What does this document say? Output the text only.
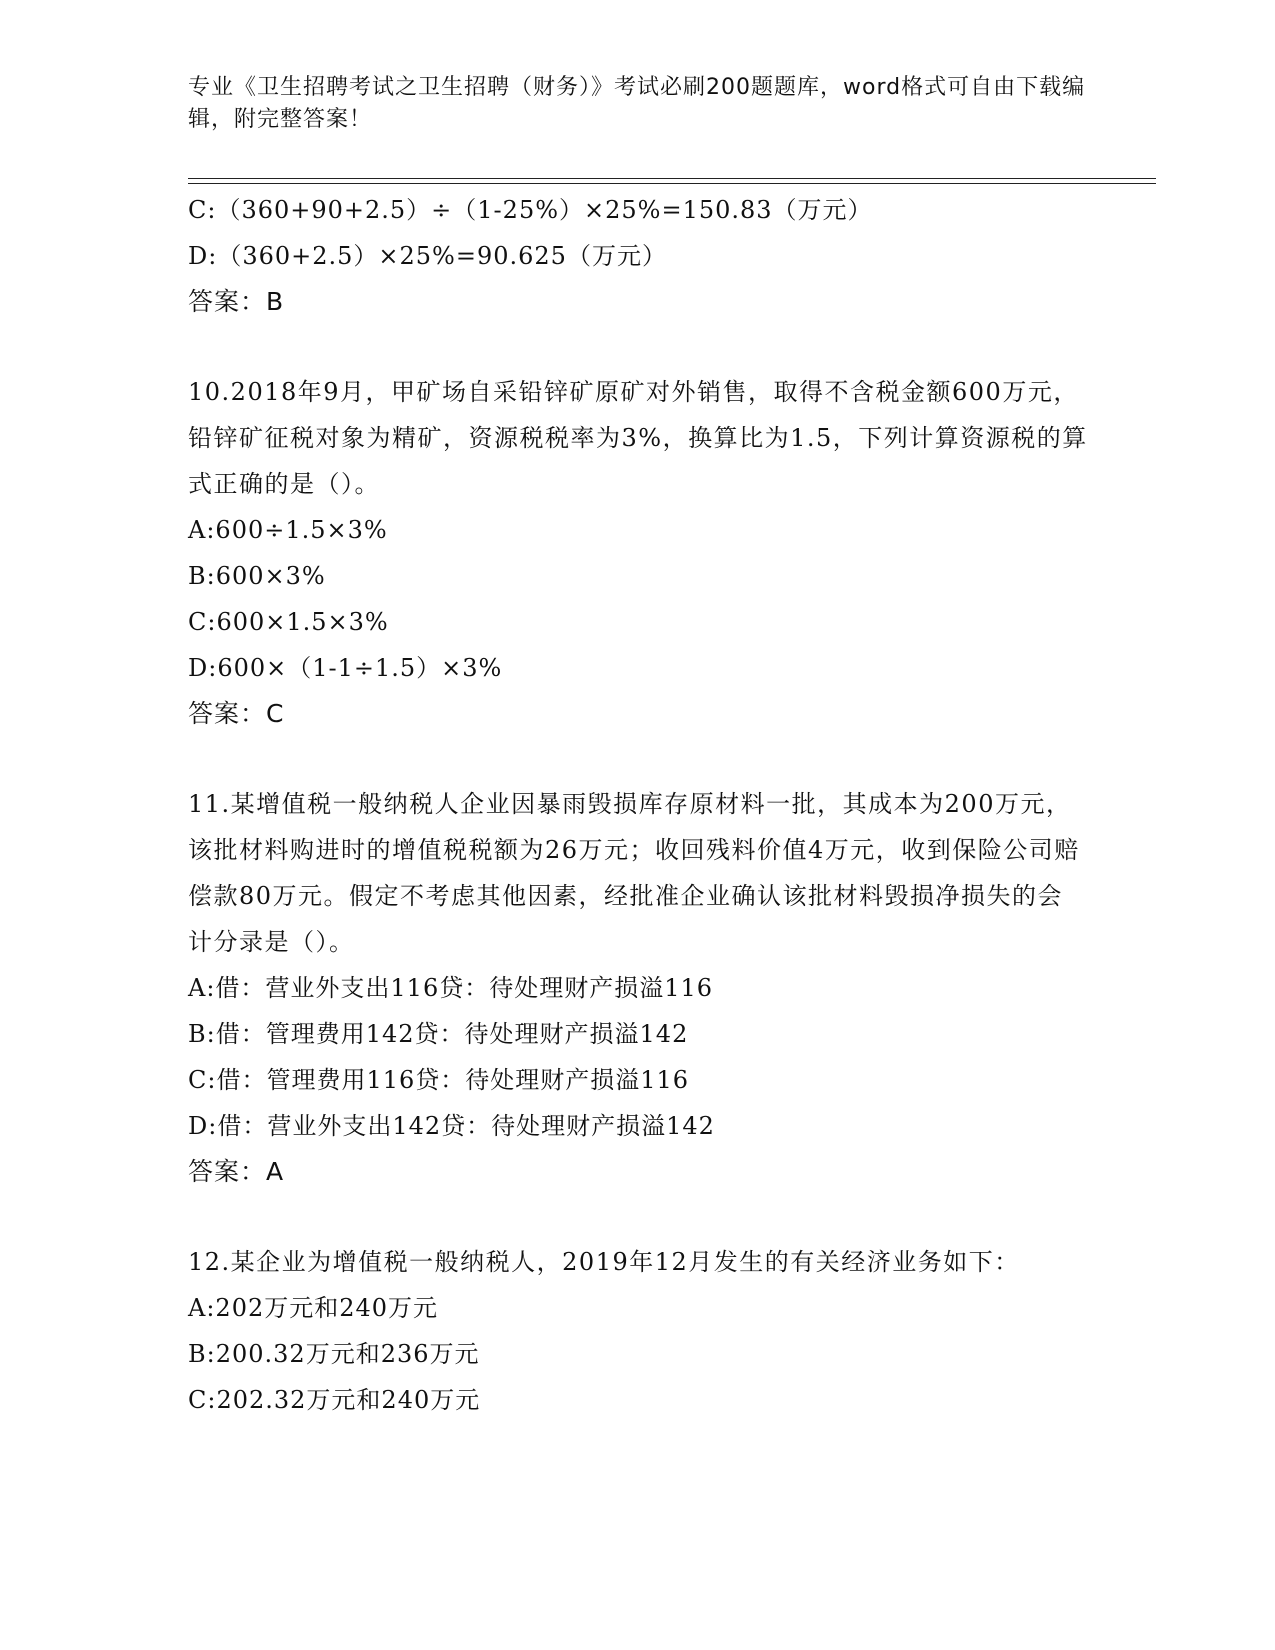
专业《卫生招聘考试之卫生招聘（财务）》考试必刷200题题库，word格式可自由下载编辑，附完整答案！
C:（360+90+2.5）÷（1-25%）×25%=150.83（万元）
D:（360+2.5）×25%=90.625（万元）
答案：B
10.2018年9月，甲矿场自采铅锌矿原矿对外销售，取得不含税金额600万元，铅锌矿征税对象为精矿，资源税税率为3%，换算比为1.5，下列计算资源税的算式正确的是（）。
A:600÷1.5×3%
B:600×3%
C:600×1.5×3%
D:600×（1-1÷1.5）×3%
答案：C
11.某增值税一般纳税人企业因暴雨毁损库存原材料一批，其成本为200万元，该批材料购进时的增值税税额为26万元；收回残料价值4万元，收到保险公司赔偿款80万元。假定不考虑其他因素，经批准企业确认该批材料毁损净损失的会计分录是（）。
A:借：营业外支出116贷：待处理财产损溢116
B:借：管理费用142贷：待处理财产损溢142
C:借：管理费用116贷：待处理财产损溢116
D:借：营业外支出142贷：待处理财产损溢142
答案：A
12.某企业为增值税一般纳税人，2019年12月发生的有关经济业务如下：
A:202万元和240万元
B:200.32万元和236万元
C:202.32万元和240万元
